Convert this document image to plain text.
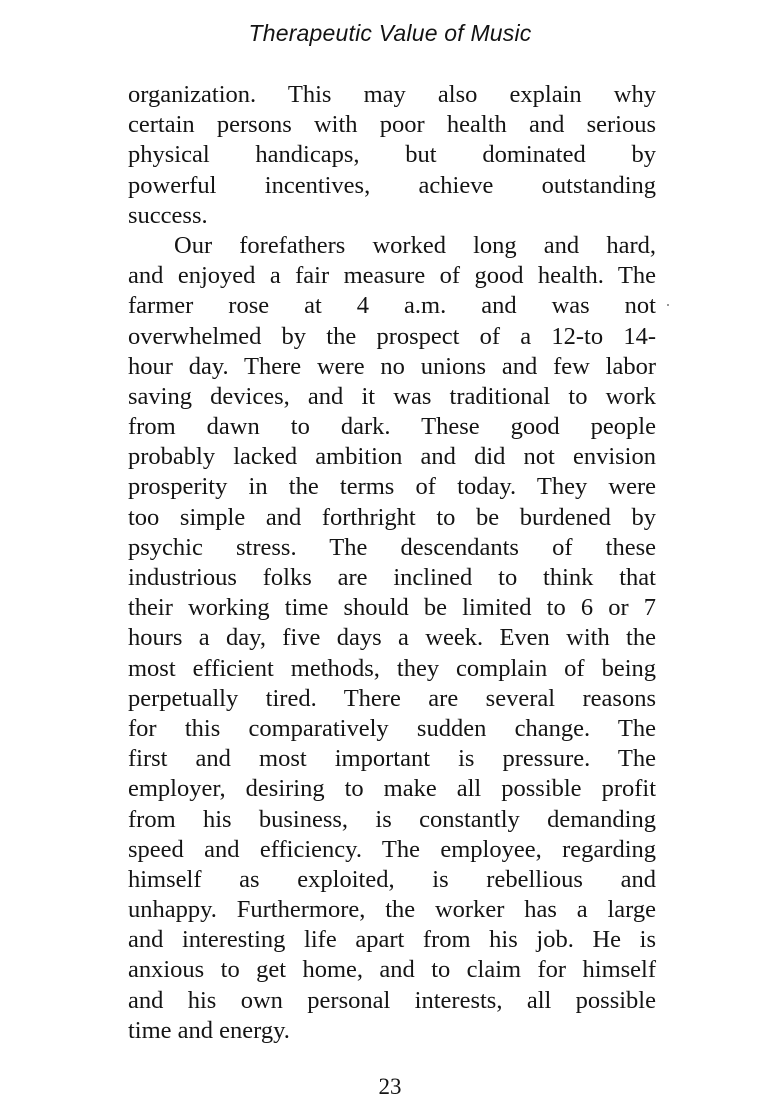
Therapeutic Value of Music
organization. This may also explain why
certain persons with poor health and serious
physical handicaps, but dominated by
powerful incentives, achieve outstanding
success.
Our forefathers worked long and hard,
and enjoyed a fair measure of good health. The
farmer rose at 4 a.m. and was not
overwhelmed by the prospect of a 12-to 14-
hour day. There were no unions and few labor
saving devices, and it was traditional to work
from dawn to dark. These good people
probably lacked ambition and did not envision
prosperity in the terms of today. They were
too simple and forthright to be burdened by
psychic stress. The descendants of these
industrious folks are inclined to think that
their working time should be limited to 6 or 7
hours a day, five days a week. Even with the
most efficient methods, they complain of being
perpetually tired. There are several reasons
for this comparatively sudden change. The
first and most important is pressure. The
employer, desiring to make all possible profit
from his business, is constantly demanding
speed and efficiency. The employee, regarding
himself as exploited, is rebellious and
unhappy. Furthermore, the worker has a large
and interesting life apart from his job. He is
anxious to get home, and to claim for himself
and his own personal interests, all possible
time and energy.
23
